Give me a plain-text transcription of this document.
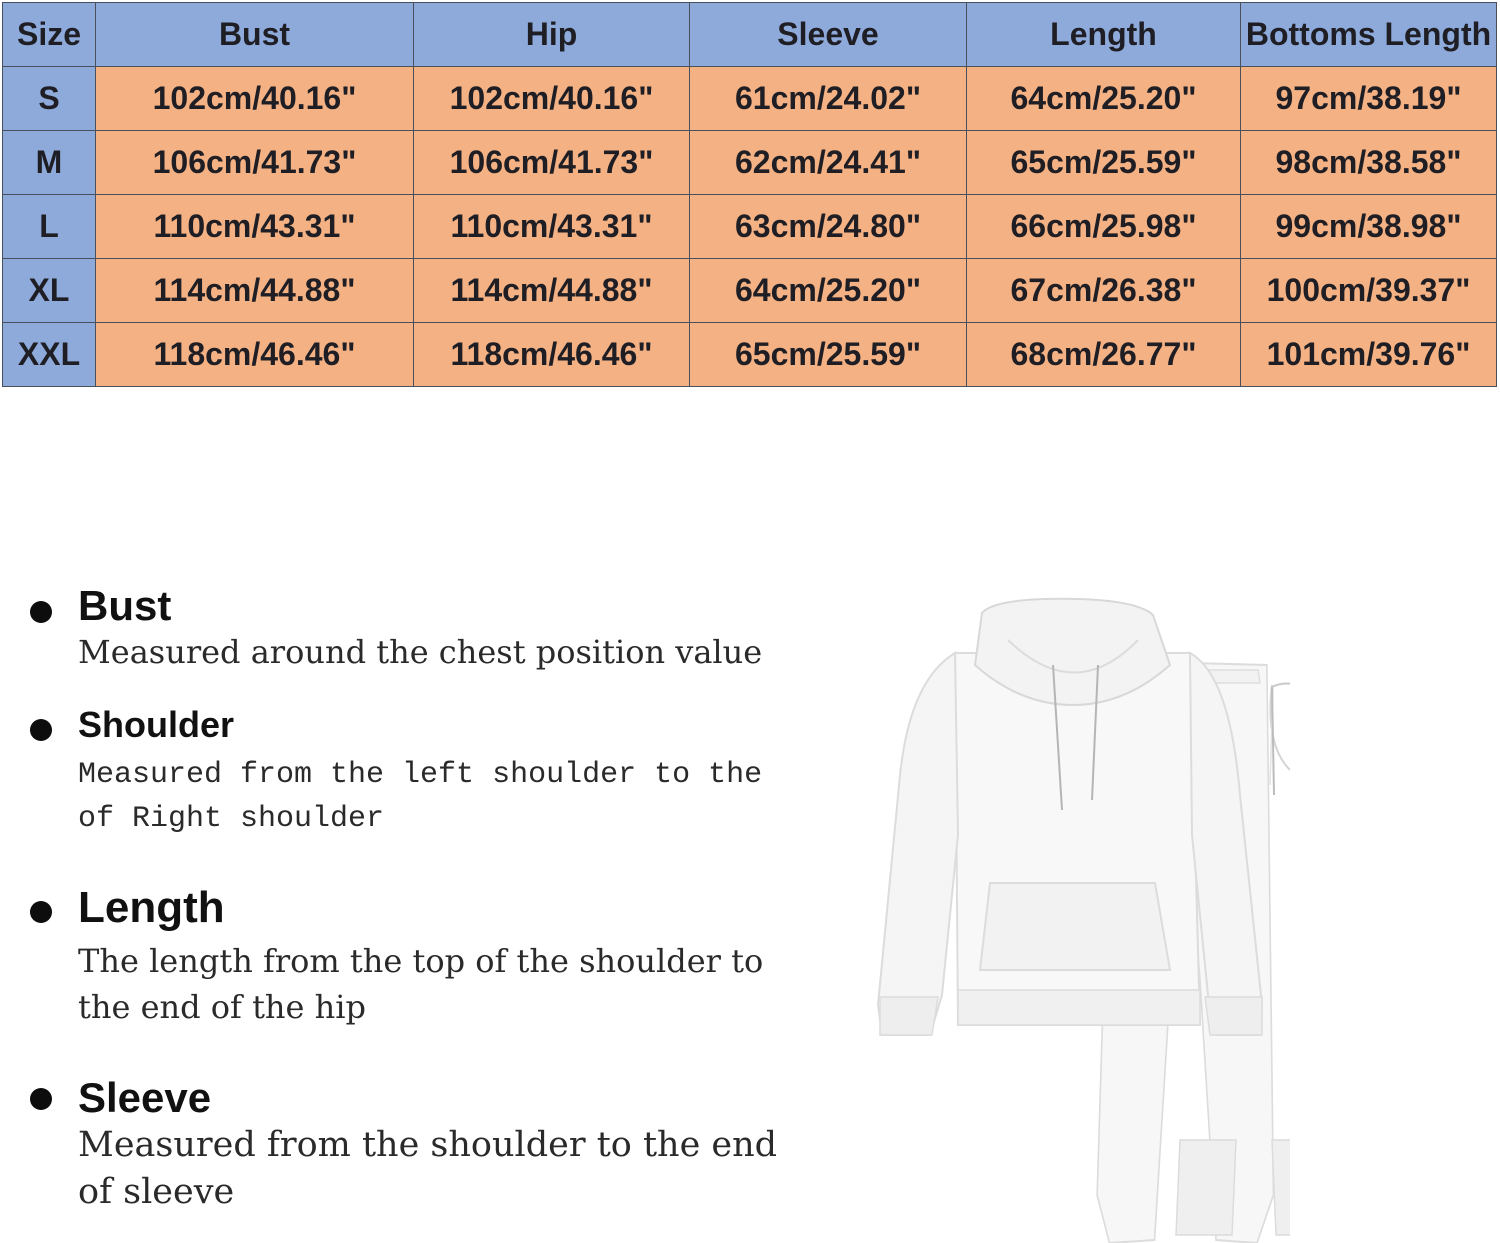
Size	Bust	Hip	Sleeve	Length	Bottoms Length
S	102cm/40.16"	102cm/40.16"	61cm/24.02"	64cm/25.20"	97cm/38.19"
M	106cm/41.73"	106cm/41.73"	62cm/24.41"	65cm/25.59"	98cm/38.58"
L	110cm/43.31"	110cm/43.31"	63cm/24.80"	66cm/25.98"	99cm/38.98"
XL	114cm/44.88"	114cm/44.88"	64cm/25.20"	67cm/26.38"	100cm/39.37"
XXL	118cm/46.46"	118cm/46.46"	65cm/25.59"	68cm/26.77"	101cm/39.76"
Bust
Measured around the chest position value
Shoulder
Measured from the left shoulder to the
of Right shoulder
Length
The length from the top of the shoulder to
the end of the hip
Sleeve
Measured from the shoulder to the end
of sleeve
